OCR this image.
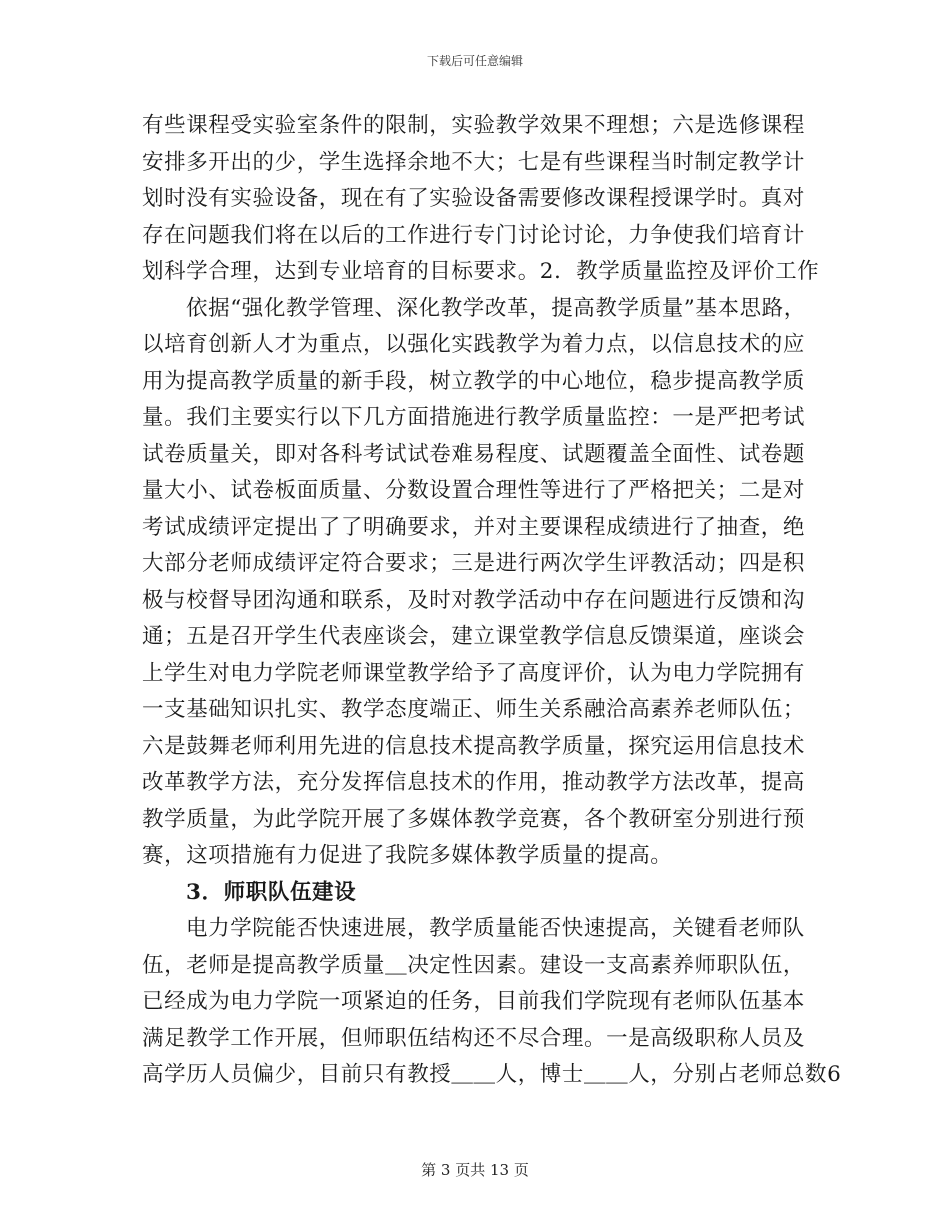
下载后可任意编辑
有些课程受实验室条件的限制，实验教学效果不理想；六是选修课程
安排多开出的少，学生选择余地不大；七是有些课程当时制定教学计
划时没有实验设备，现在有了实验设备需要修改课程授课学时。真对
存在问题我们将在以后的工作进行专门讨论讨论，力争使我们培育计
划科学合理，达到专业培育的目标要求。2．教学质量监控及评价工作
依据“强化教学管理、深化教学改革，提高教学质量”基本思路，
以培育创新人才为重点，以强化实践教学为着力点，以信息技术的应
用为提高教学质量的新手段，树立教学的中心地位，稳步提高教学质
量。我们主要实行以下几方面措施进行教学质量监控：一是严把考试
试卷质量关，即对各科考试试卷难易程度、试题覆盖全面性、试卷题
量大小、试卷板面质量、分数设置合理性等进行了严格把关；二是对
考试成绩评定提出了了明确要求，并对主要课程成绩进行了抽查，绝
大部分老师成绩评定符合要求；三是进行两次学生评教活动；四是积
极与校督导团沟通和联系，及时对教学活动中存在问题进行反馈和沟
通；五是召开学生代表座谈会，建立课堂教学信息反馈渠道，座谈会
上学生对电力学院老师课堂教学给予了高度评价，认为电力学院拥有
一支基础知识扎实、教学态度端正、师生关系融洽高素养老师队伍；
六是鼓舞老师利用先进的信息技术提高教学质量，探究运用信息技术
改革教学方法，充分发挥信息技术的作用，推动教学方法改革，提高
教学质量，为此学院开展了多媒体教学竞赛，各个教研室分别进行预
赛，这项措施有力促进了我院多媒体教学质量的提高。
3．师职队伍建设
电力学院能否快速进展，教学质量能否快速提高，关键看老师队
伍，老师是提高教学质量＿决定性因素。建设一支高素养师职队伍，
已经成为电力学院一项紧迫的任务，目前我们学院现有老师队伍基本
满足教学工作开展，但师职伍结构还不尽合理。一是高级职称人员及
高学历人员偏少，目前只有教授＿＿人，博士＿＿人，分别占老师总数6
第 3 页共 13 页
